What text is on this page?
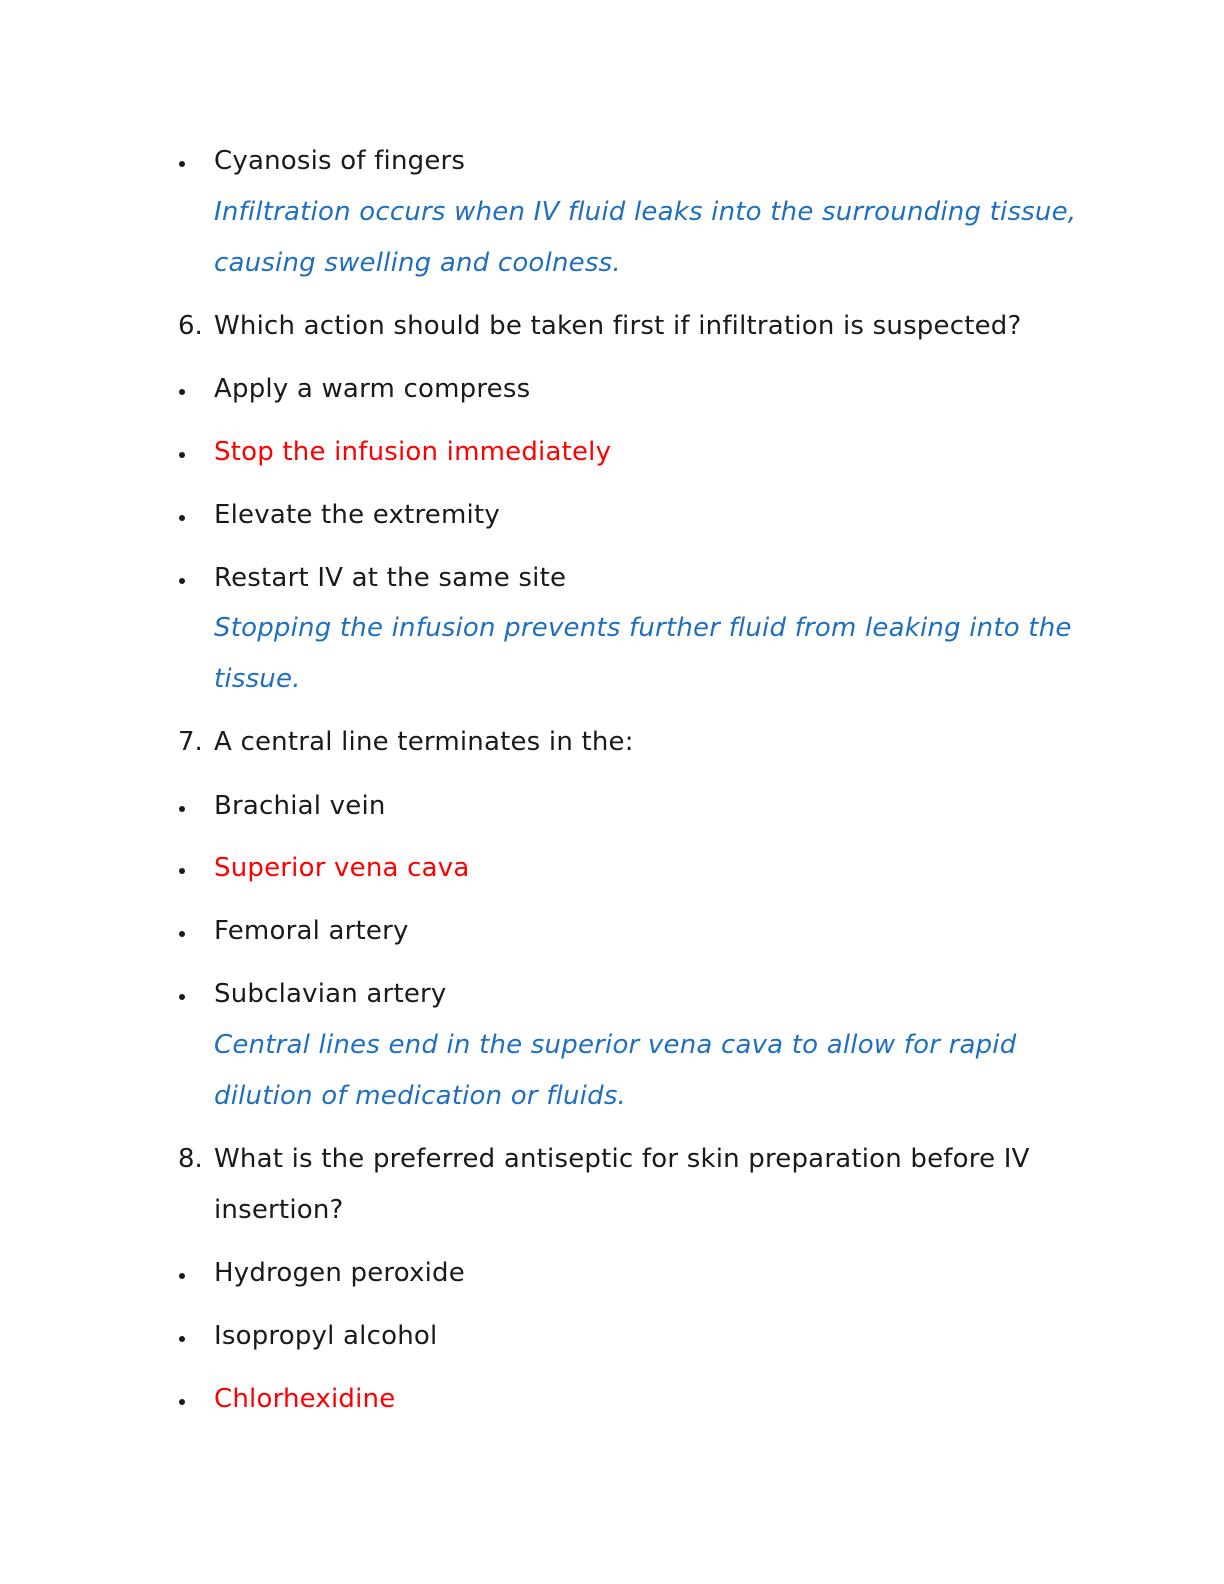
Cyanosis of fingers
Infiltration occurs when IV fluid leaks into the surrounding tissue,
causing swelling and coolness.
6. Which action should be taken first if infiltration is suspected?
Apply a warm compress
Stop the infusion immediately
Elevate the extremity
Restart IV at the same site
Stopping the infusion prevents further fluid from leaking into the
tissue.
7. A central line terminates in the:
Brachial vein
Superior vena cava
Femoral artery
Subclavian artery
Central lines end in the superior vena cava to allow for rapid
dilution of medication or fluids.
8. What is the preferred antiseptic for skin preparation before IV
insertion?
Hydrogen peroxide
Isopropyl alcohol
Chlorhexidine
